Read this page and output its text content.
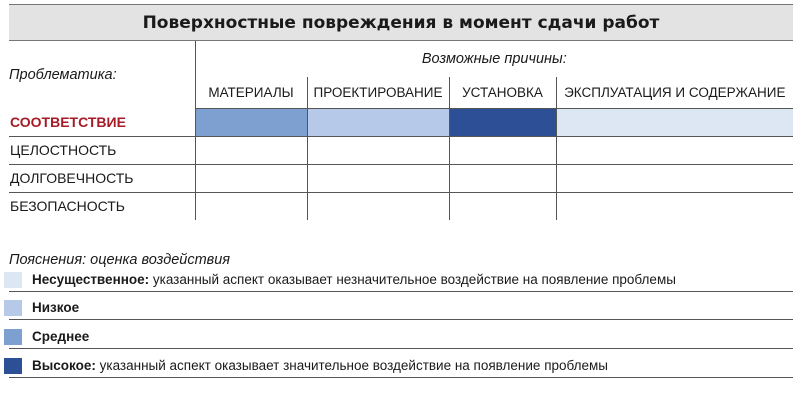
Поверхностные повреждения в момент сдачи работ
Проблематика:	Возможные причины:			
	МАТЕРИАЛЫ	ПРОЕКТИРОВАНИЕ	УСТАНОВКА	ЭКСПЛУАТАЦИЯ И СОДЕРЖАНИЕ
СООТВЕТСТВИЕ				
ЦЕЛОСТНОСТЬ				
ДОЛГОВЕЧНОСТЬ				
БЕЗОПАСНОСТЬ				
Пояснения: оценка воздействия
Несущественное: указанный аспект оказывает незначительное воздействие на появление проблемы
Низкое
Среднее
Высокое: указанный аспект оказывает значительное воздействие на появление проблемы
